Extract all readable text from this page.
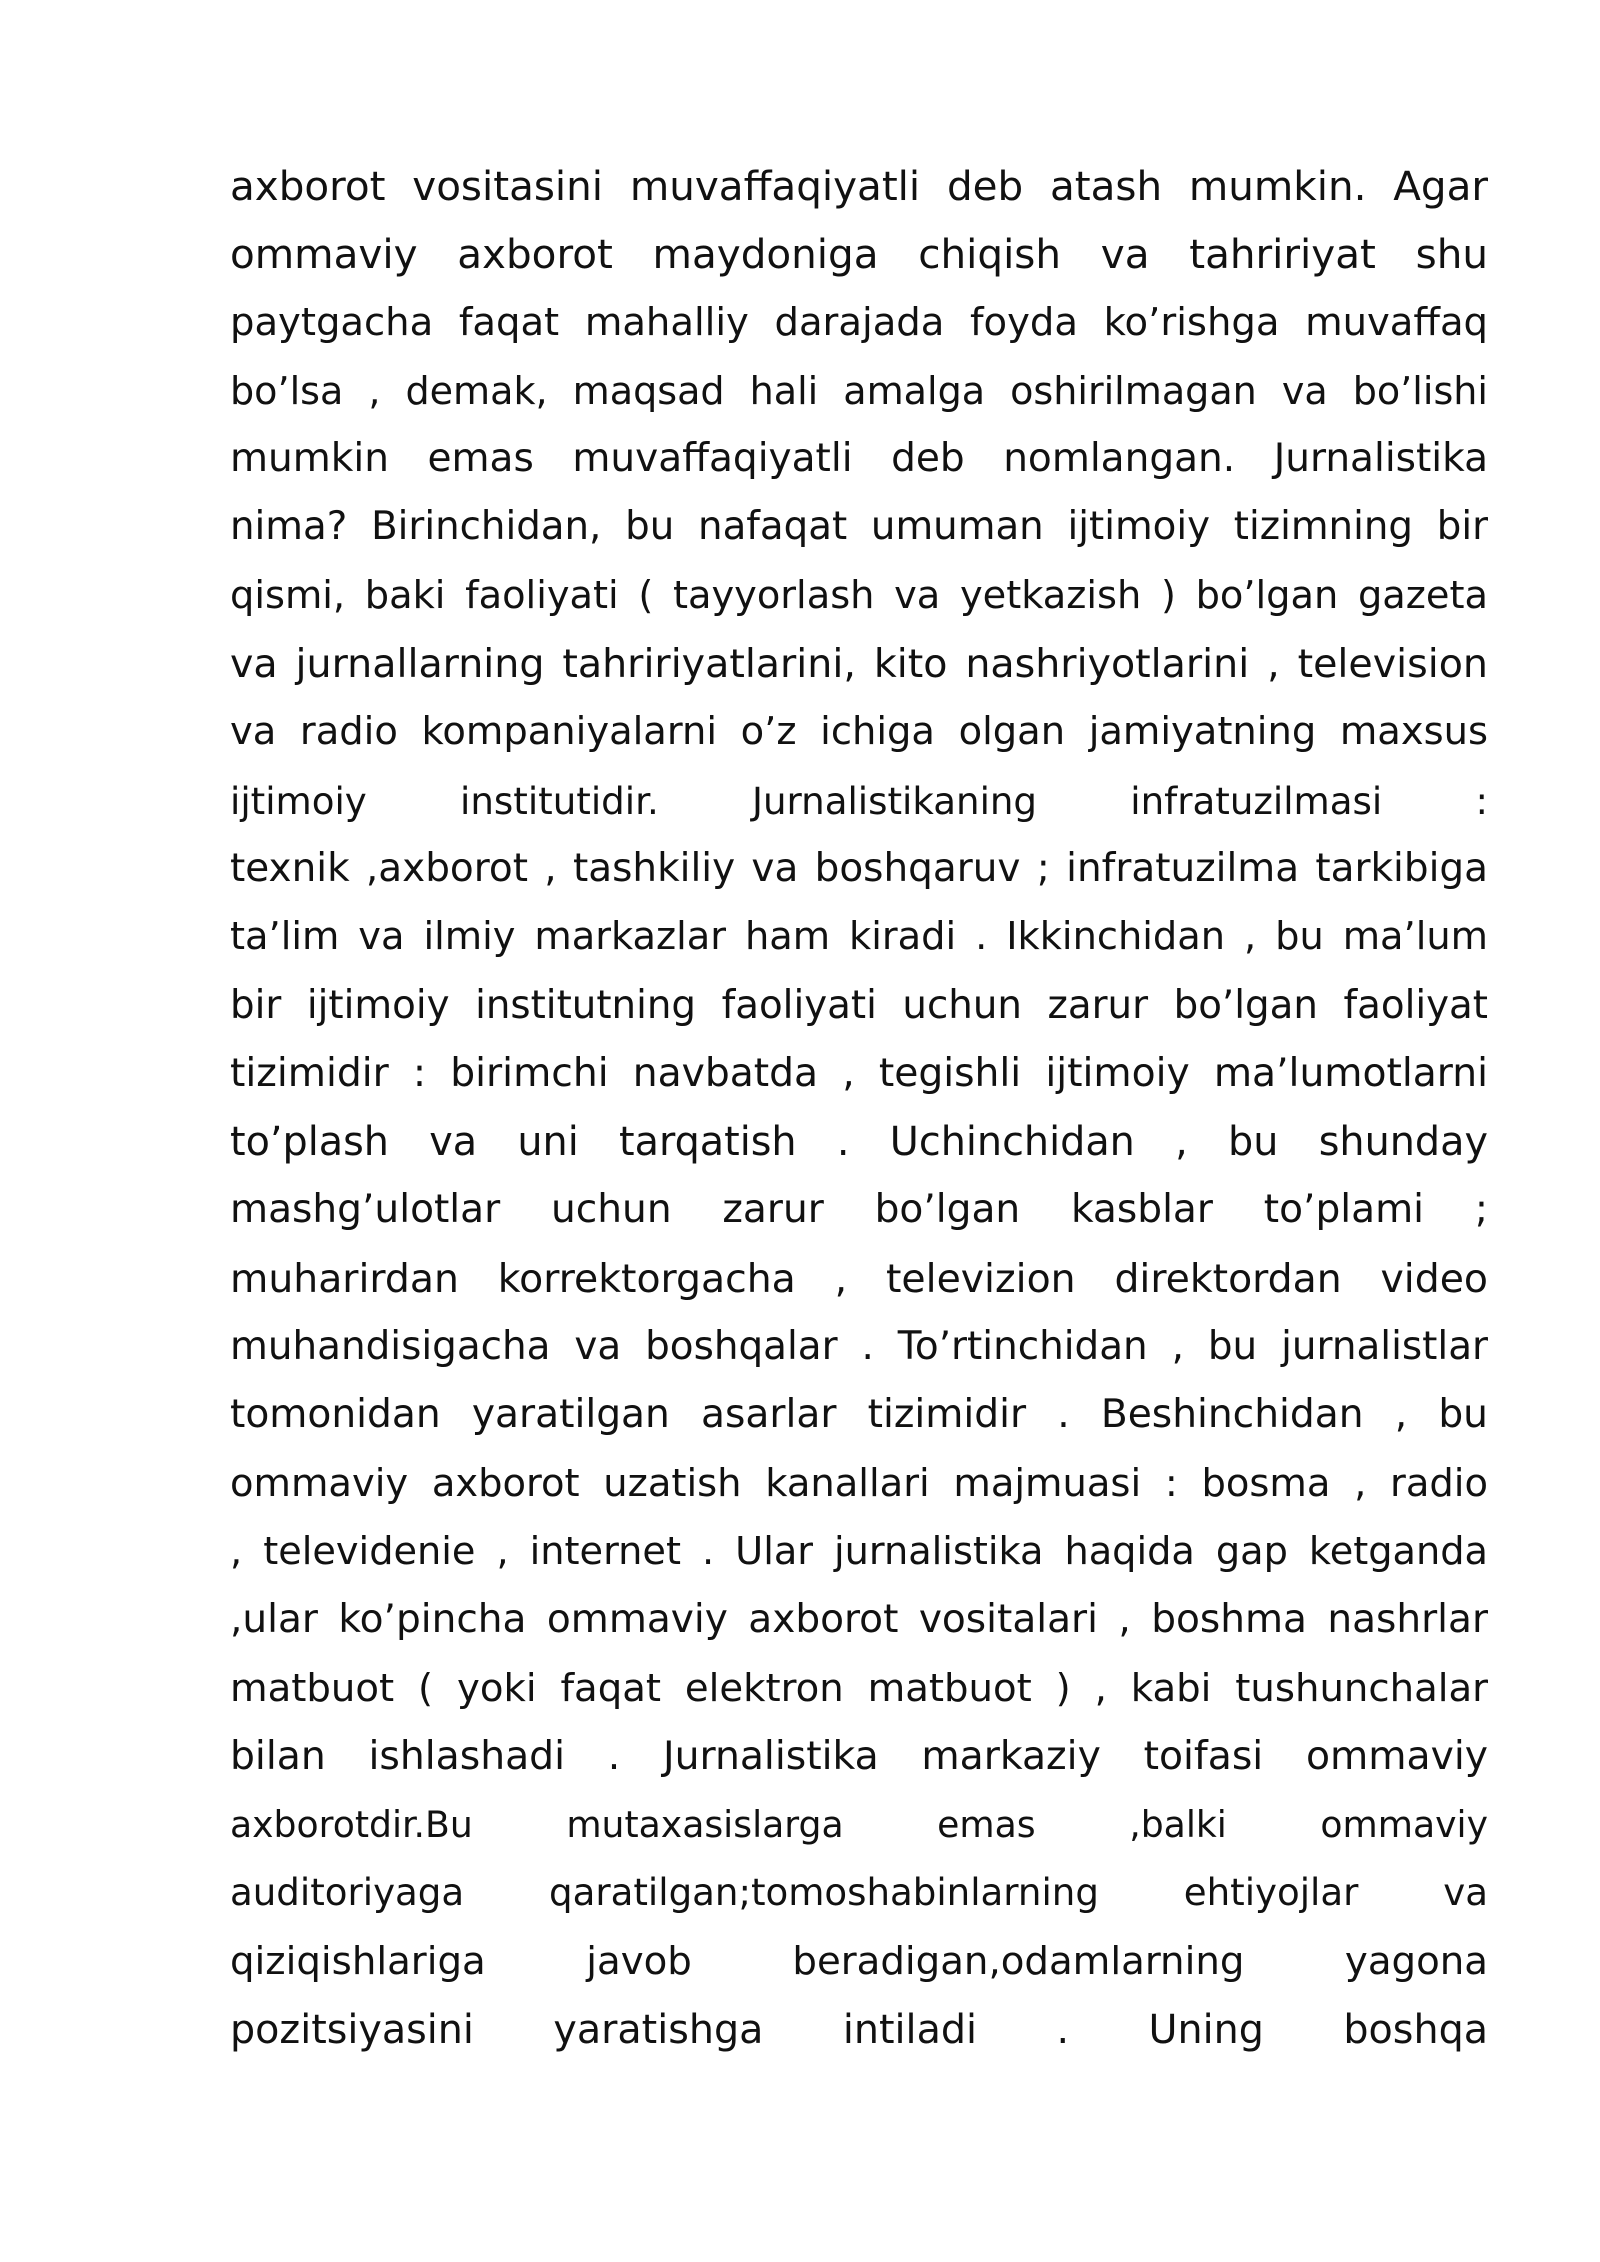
axborot vositasini muvaffaqiyatli deb atash mumkin. Agar
ommaviy axborot maydoniga chiqish va tahririyat shu
paytgacha faqat mahalliy darajada foyda ko’rishga muvaffaq
bo’lsa , demak, maqsad hali amalga oshirilmagan va bo’lishi
mumkin emas muvaffaqiyatli deb nomlangan. Jurnalistika
nima? Birinchidan, bu nafaqat umuman ijtimoiy tizimning bir
qismi, baki faoliyati ( tayyorlash va yetkazish ) bo’lgan gazeta
va jurnallarning tahririyatlarini, kito nashriyotlarini , television
va radio kompaniyalarni o’z ichiga olgan jamiyatning maxsus
ijtimoiy institutidir. Jurnalistikaning infratuzilmasi :
texnik ,axborot , tashkiliy va boshqaruv ; infratuzilma tarkibiga
ta’lim va ilmiy markazlar ham kiradi . Ikkinchidan , bu ma’lum
bir ijtimoiy institutning faoliyati uchun zarur bo’lgan faoliyat
tizimidir : birimchi navbatda , tegishli ijtimoiy ma’lumotlarni
to’plash va uni tarqatish . Uchinchidan , bu shunday
mashg’ulotlar uchun zarur bo’lgan kasblar to’plami ;
muharirdan korrektorgacha , televizion direktordan video
muhandisigacha va boshqalar . To’rtinchidan , bu jurnalistlar
tomonidan yaratilgan asarlar tizimidir . Beshinchidan , bu
ommaviy axborot uzatish kanallari majmuasi : bosma , radio
, televidenie , internet . Ular jurnalistika haqida gap ketganda
,ular ko’pincha ommaviy axborot vositalari , boshma nashrlar
matbuot ( yoki faqat elektron matbuot ) , kabi tushunchalar
bilan ishlashadi . Jurnalistika markaziy toifasi ommaviy
axborotdir.Bu mutaxasislarga emas ,balki ommaviy
auditoriyaga qaratilgan;tomoshabinlarning ehtiyojlar va
qiziqishlariga javob beradigan,odamlarning yagona
pozitsiyasini yaratishga intiladi . Uning boshqa
